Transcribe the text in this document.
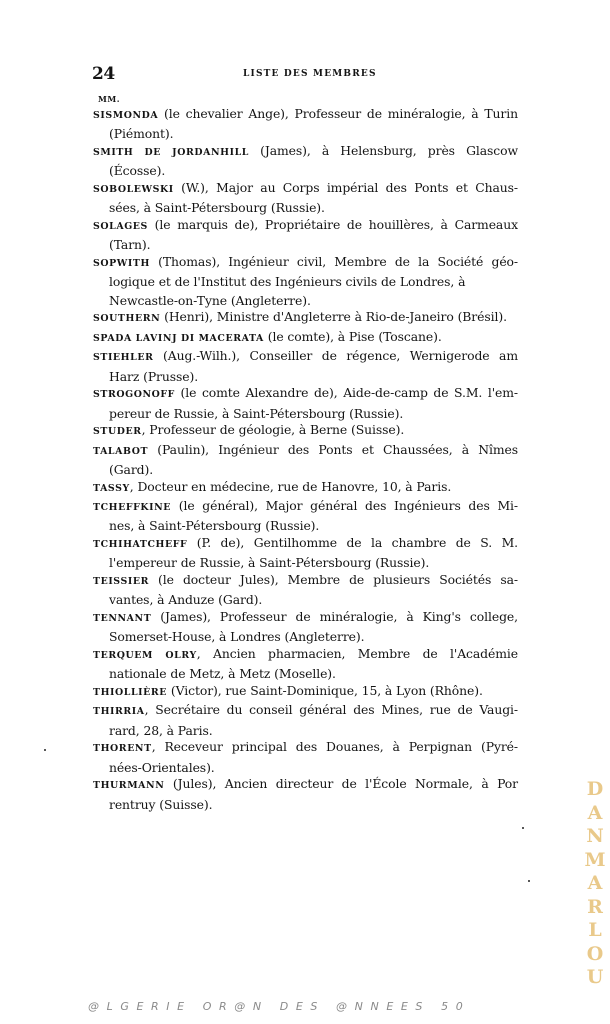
24	LISTE DES MEMBRES
MM.
SISMONDA (le chevalier Ange), Professeur de minéralogie, à Turin
(Piémont).
SMITH DE JORDANHILL (James), à Helensburg, près Glascow
(Écosse).
SOBOLEWSKI (W.), Major au Corps impérial des Ponts et Chaus-
sées, à Saint-Pétersbourg (Russie).
SOLAGES (le marquis de), Propriétaire de houillères, à Carmeaux
(Tarn).
SOPWITH (Thomas), Ingénieur civil, Membre de la Société géo-
logique et de l'Institut des Ingénieurs civils de Londres, à
Newcastle-on-Tyne (Angleterre).
SOUTHERN (Henri), Ministre d'Angleterre à Rio-de-Janeiro (Brésil).
SPADA LAVINJ DI MACERATA (le comte), à Pise (Toscane).
STIEHLER (Aug.-Wilh.), Conseiller de régence, Wernigerode am
Harz (Prusse).
STROGONOFF (le comte Alexandre de), Aide-de-camp de S.M. l'em-
pereur de Russie, à Saint-Pétersbourg (Russie).
STUDER, Professeur de géologie, à Berne (Suisse).
TALABOT (Paulin), Ingénieur des Ponts et Chaussées, à Nîmes
(Gard).
TASSY, Docteur en médecine, rue de Hanovre, 10, à Paris.
TCHEFFKINE (le général), Major général des Ingénieurs des Mi-
nes, à Saint-Pétersbourg (Russie).
TCHIHATCHEFF (P. de), Gentilhomme de la chambre de S. M.
l'empereur de Russie, à Saint-Pétersbourg (Russie).
TEISSIER (le docteur Jules), Membre de plusieurs Sociétés sa-
vantes, à Anduze (Gard).
TENNANT (James), Professeur de minéralogie, à King's college,
Somerset-House, à Londres (Angleterre).
TERQUEM OLRY, Ancien pharmacien, Membre de l'Académie
nationale de Metz, à Metz (Moselle).
THIOLLIÈRE (Victor), rue Saint-Dominique, 15, à Lyon (Rhône).
THIRRIA, Secrétaire du conseil général des Mines, rue de Vaugi-
rard, 28, à Paris.
THORENT, Receveur principal des Douanes, à Perpignan (Pyré-
nées-Orientales).
THURMANN (Jules), Ancien directeur de l'École Normale, à Por
rentruy (Suisse).
D
A
N
M
A
R
L
O
U
@LGERIE OR@N DES @NNEES 50
